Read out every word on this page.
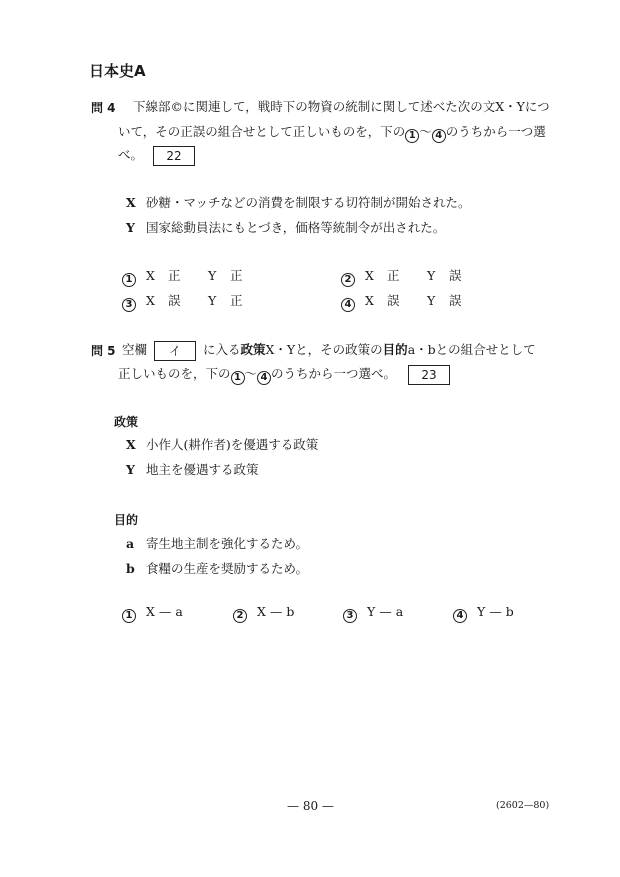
日本史A
問 4 下線部©に関連して，戦時下の物資の統制に関して述べた次の文X・Yにつ
いて，その正誤の組合せとして正しいものを，下の 1 〜 4 のうちから一つ選
べ。 22
X 砂糖・マッチなどの消費を制限する切符制が開始された。
Y 国家総動員法にもとづき，価格等統制令が出された。
1 X 正 Y 正	2 X 正 Y 誤
3 X 誤 Y 正	4 X 誤 Y 誤
問 5 空欄 イ に入る政策X・Yと，その政策の目的a・bとの組合せとして
正しいものを，下の 1 〜 4 のうちから一つ選べ。 23
政策
X 小作人(耕作者)を優遇する政策
Y 地主を優遇する政策
目的
a 寄生地主制を強化するため。
b 食糧の生産を奨励するため。
1 X — a	2 X — b	3 Y — a	4 Y — b
— 80 —	(2602—80)
